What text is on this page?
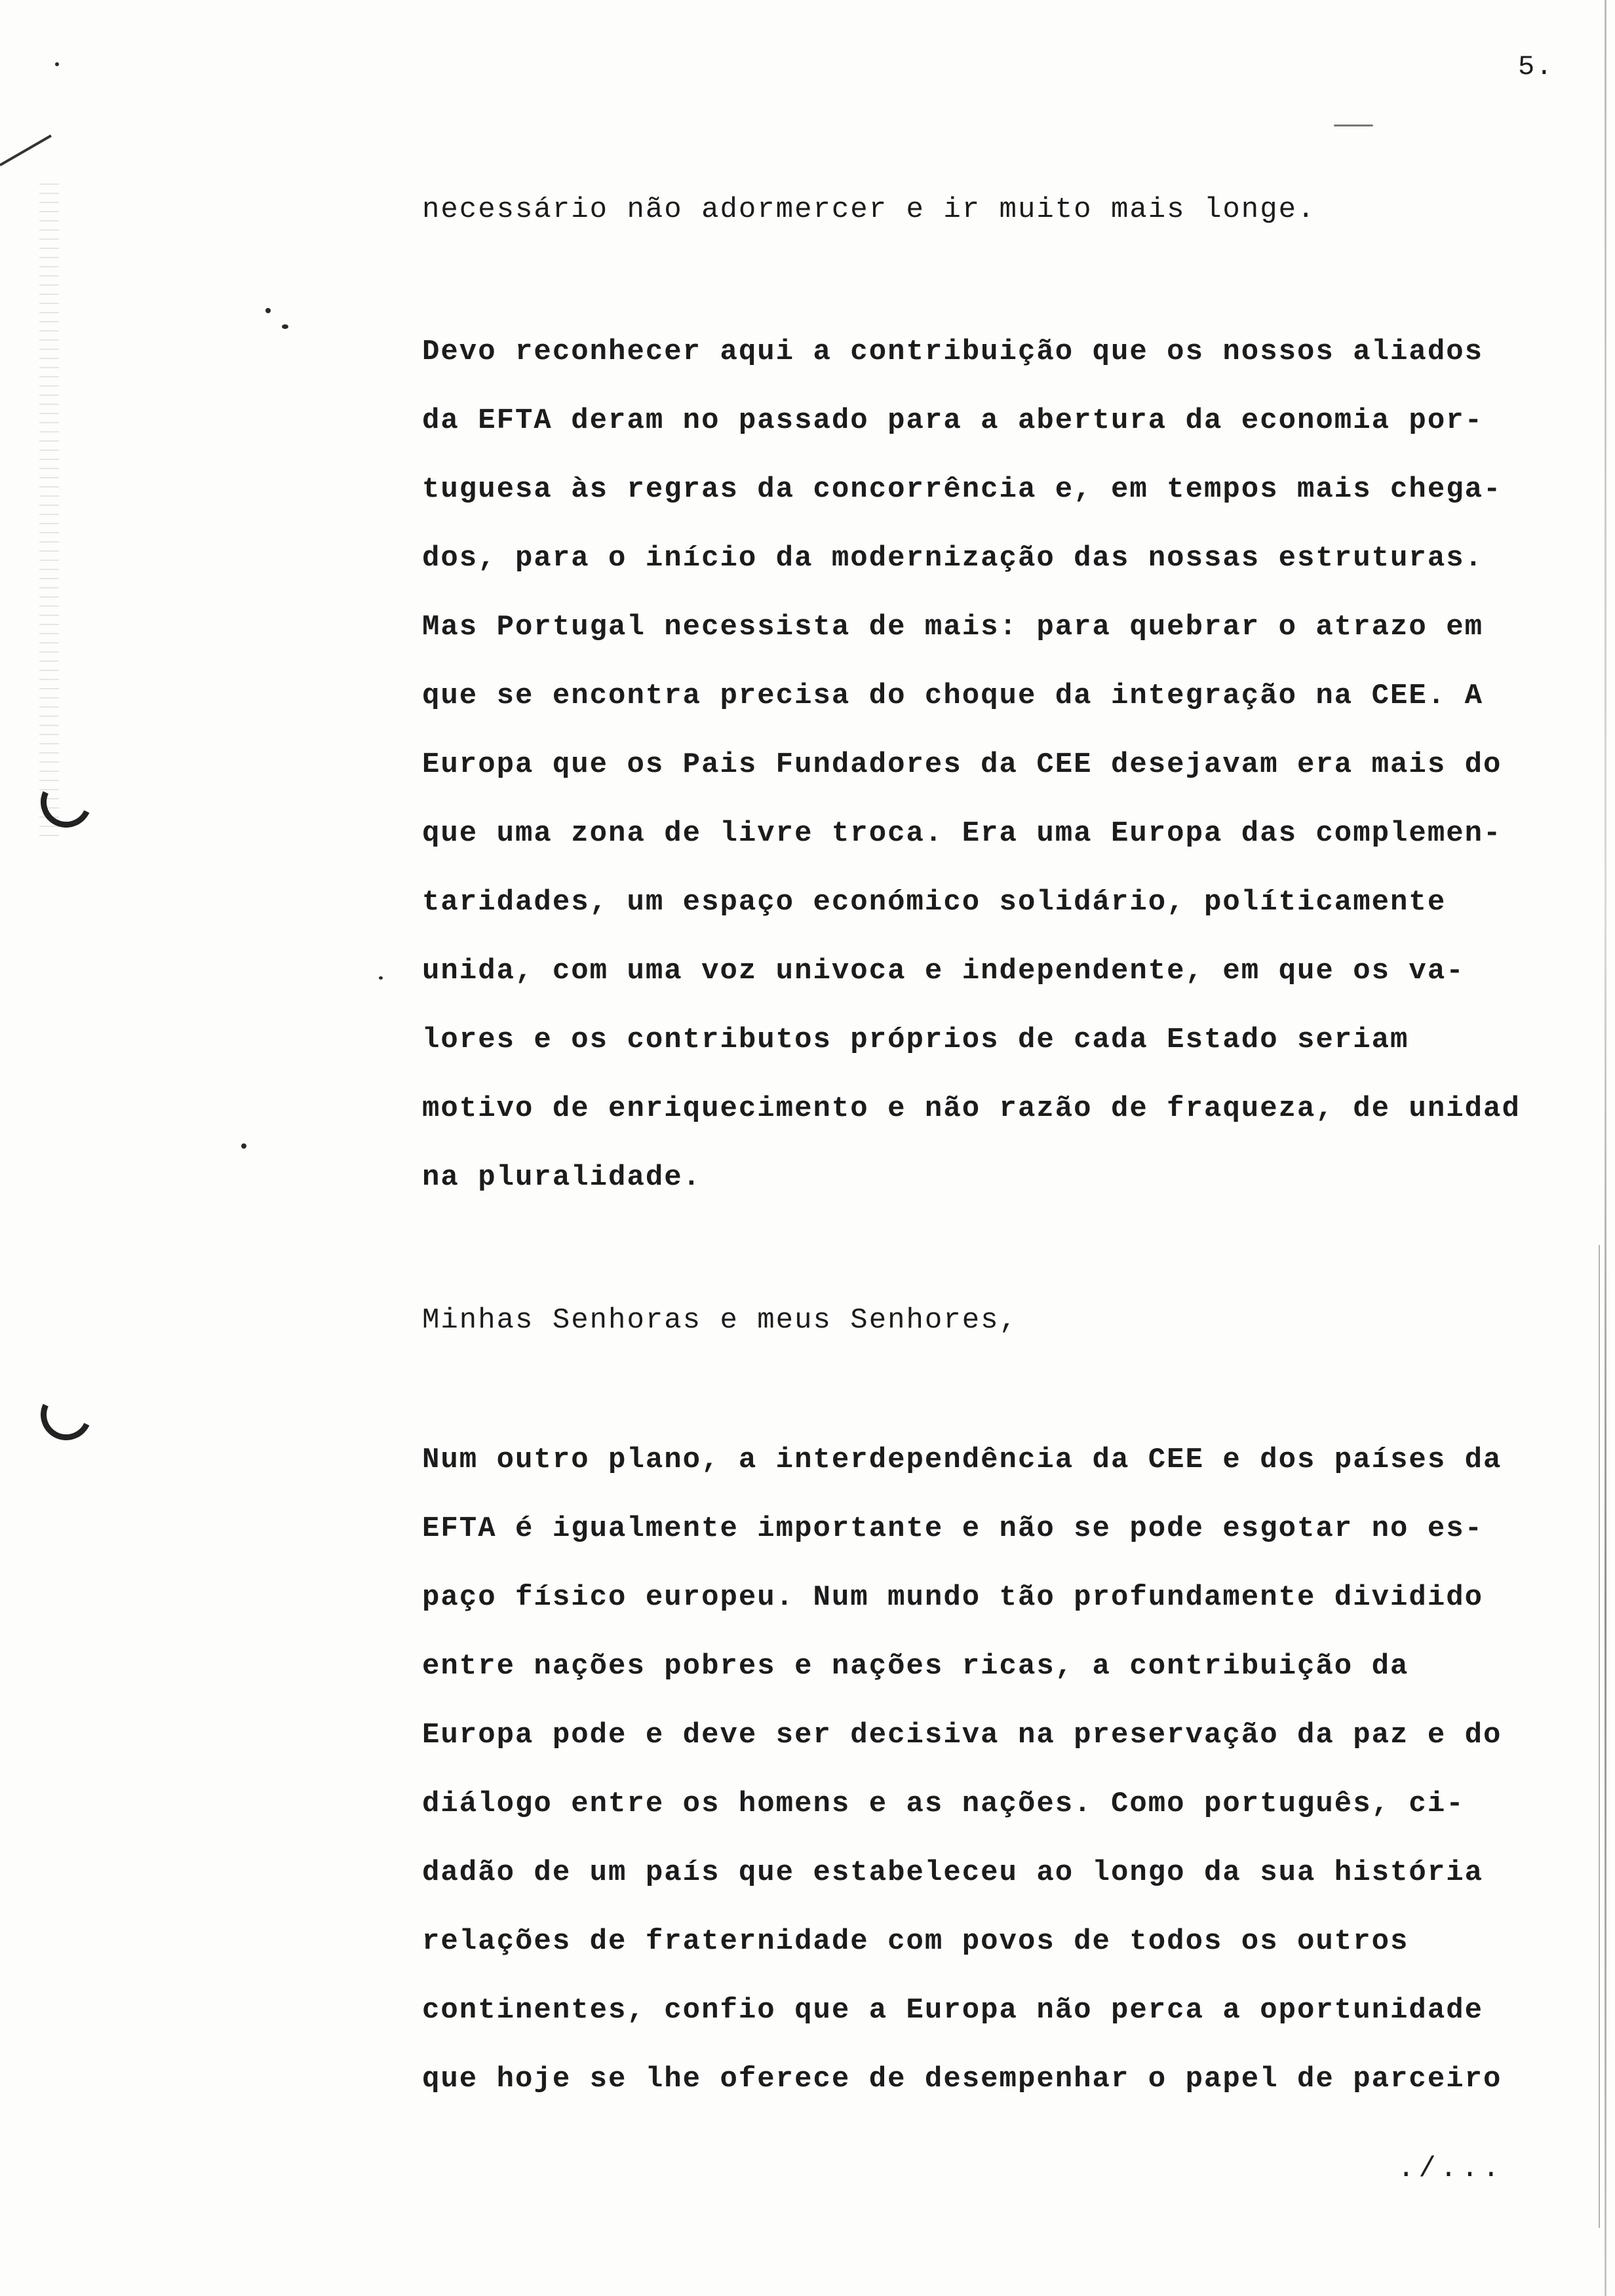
5.
necessário não adormercer e ir muito mais longe.
Devo reconhecer aqui a contribuição que os nossos aliados
da EFTA deram no passado para a abertura da economia por-
tuguesa às regras da concorrência e, em tempos mais chega-
dos, para o início da modernização das nossas estruturas.
Mas Portugal necessista de mais: para quebrar o atrazo em
que se encontra precisa do choque da integração na CEE. A
Europa que os Pais Fundadores da CEE desejavam era mais do
que uma zona de livre troca. Era uma Europa das complemen-
taridades, um espaço económico solidário, políticamente
unida, com uma voz univoca e independente, em que os va-
lores e os contributos próprios de cada Estado seriam
motivo de enriquecimento e não razão de fraqueza, de unidad
na pluralidade.
Minhas Senhoras e meus Senhores,
Num outro plano, a interdependência da CEE e dos países da
EFTA é igualmente importante e não se pode esgotar no es-
paço físico europeu. Num mundo tão profundamente dividido
entre nações pobres e nações ricas, a contribuição da
Europa pode e deve ser decisiva na preservação da paz e do
diálogo entre os homens e as nações. Como português, ci-
dadão de um país que estabeleceu ao longo da sua história
relações de fraternidade com povos de todos os outros
continentes, confio que a Europa não perca a oportunidade
que hoje se lhe oferece de desempenhar o papel de parceiro
./...
